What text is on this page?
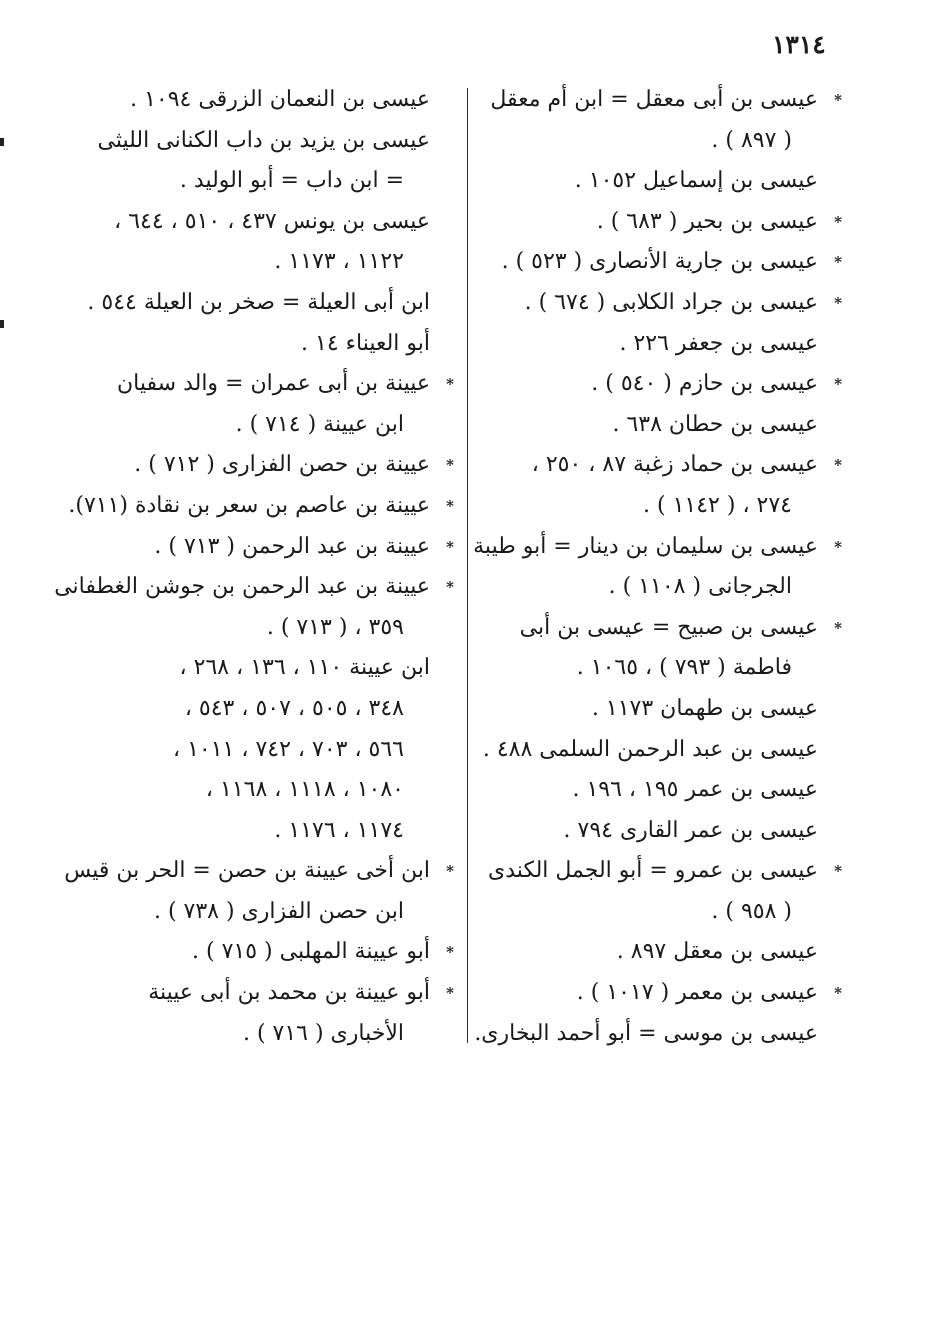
١٣١٤
* عيسى بن أبى معقل = ابن أم معقل
( ٨٩٧ ) .
عيسى بن إسماعيل ١٠٥٢ .
* عيسى بن بحير ( ٦٨٣ ) .
* عيسى بن جارية الأنصارى ( ٥٢٣ ) .
* عيسى بن جراد الكلابى ( ٦٧٤ ) .
عيسى بن جعفر ٢٢٦ .
* عيسى بن حازم ( ٥٤٠ ) .
عيسى بن حطان ٦٣٨ .
* عيسى بن حماد زغبة ٨٧ ، ٢٥٠ ،
٢٧٤ ، ( ١١٤٢ ) .
* عيسى بن سليمان بن دينار = أبو طيبة
الجرجانى ( ١١٠٨ ) .
* عيسى بن صبيح = عيسى بن أبى
فاطمة ( ٧٩٣ ) ، ١٠٦٥ .
عيسى بن طهمان ١١٧٣ .
عيسى بن عبد الرحمن السلمى ٤٨٨ .
عيسى بن عمر ١٩٥ ، ١٩٦ .
عيسى بن عمر القارى ٧٩٤ .
* عيسى بن عمرو = أبو الجمل الكندى
( ٩٥٨ ) .
عيسى بن معقل ٨٩٧ .
* عيسى بن معمر ( ١٠١٧ ) .
عيسى بن موسى = أبو أحمد البخارى.
عيسى بن النعمان الزرقى ١٠٩٤ .
عيسى بن يزيد بن داب الكنانى الليثى
= ابن داب = أبو الوليد .
عيسى بن يونس ٤٣٧ ، ٥١٠ ، ٦٤٤ ،
١١٢٢ ، ١١٧٣ .
ابن أبى العيلة = صخر بن العيلة ٥٤٤ .
أبو العيناء ١٤ .
* عيينة بن أبى عمران = والد سفيان
ابن عيينة ( ٧١٤ ) .
* عيينة بن حصن الفزارى ( ٧١٢ ) .
* عيينة بن عاصم بن سعر بن نقادة (٧١١).
* عيينة بن عبد الرحمن ( ٧١٣ ) .
* عيينة بن عبد الرحمن بن جوشن الغطفانى
٣٥٩ ، ( ٧١٣ ) .
ابن عيينة ١١٠ ، ١٣٦ ، ٢٦٨ ،
٣٤٨ ، ٥٠٥ ، ٥٠٧ ، ٥٤٣ ،
٥٦٦ ، ٧٠٣ ، ٧٤٢ ، ١٠١١ ،
١٠٨٠ ، ١١١٨ ، ١١٦٨ ،
١١٧٤ ، ١١٧٦ .
* ابن أخى عيينة بن حصن = الحر بن قيس
ابن حصن الفزارى ( ٧٣٨ ) .
* أبو عيينة المهلبى ( ٧١٥ ) .
* أبو عيينة بن محمد بن أبى عيينة
الأخبارى ( ٧١٦ ) .
